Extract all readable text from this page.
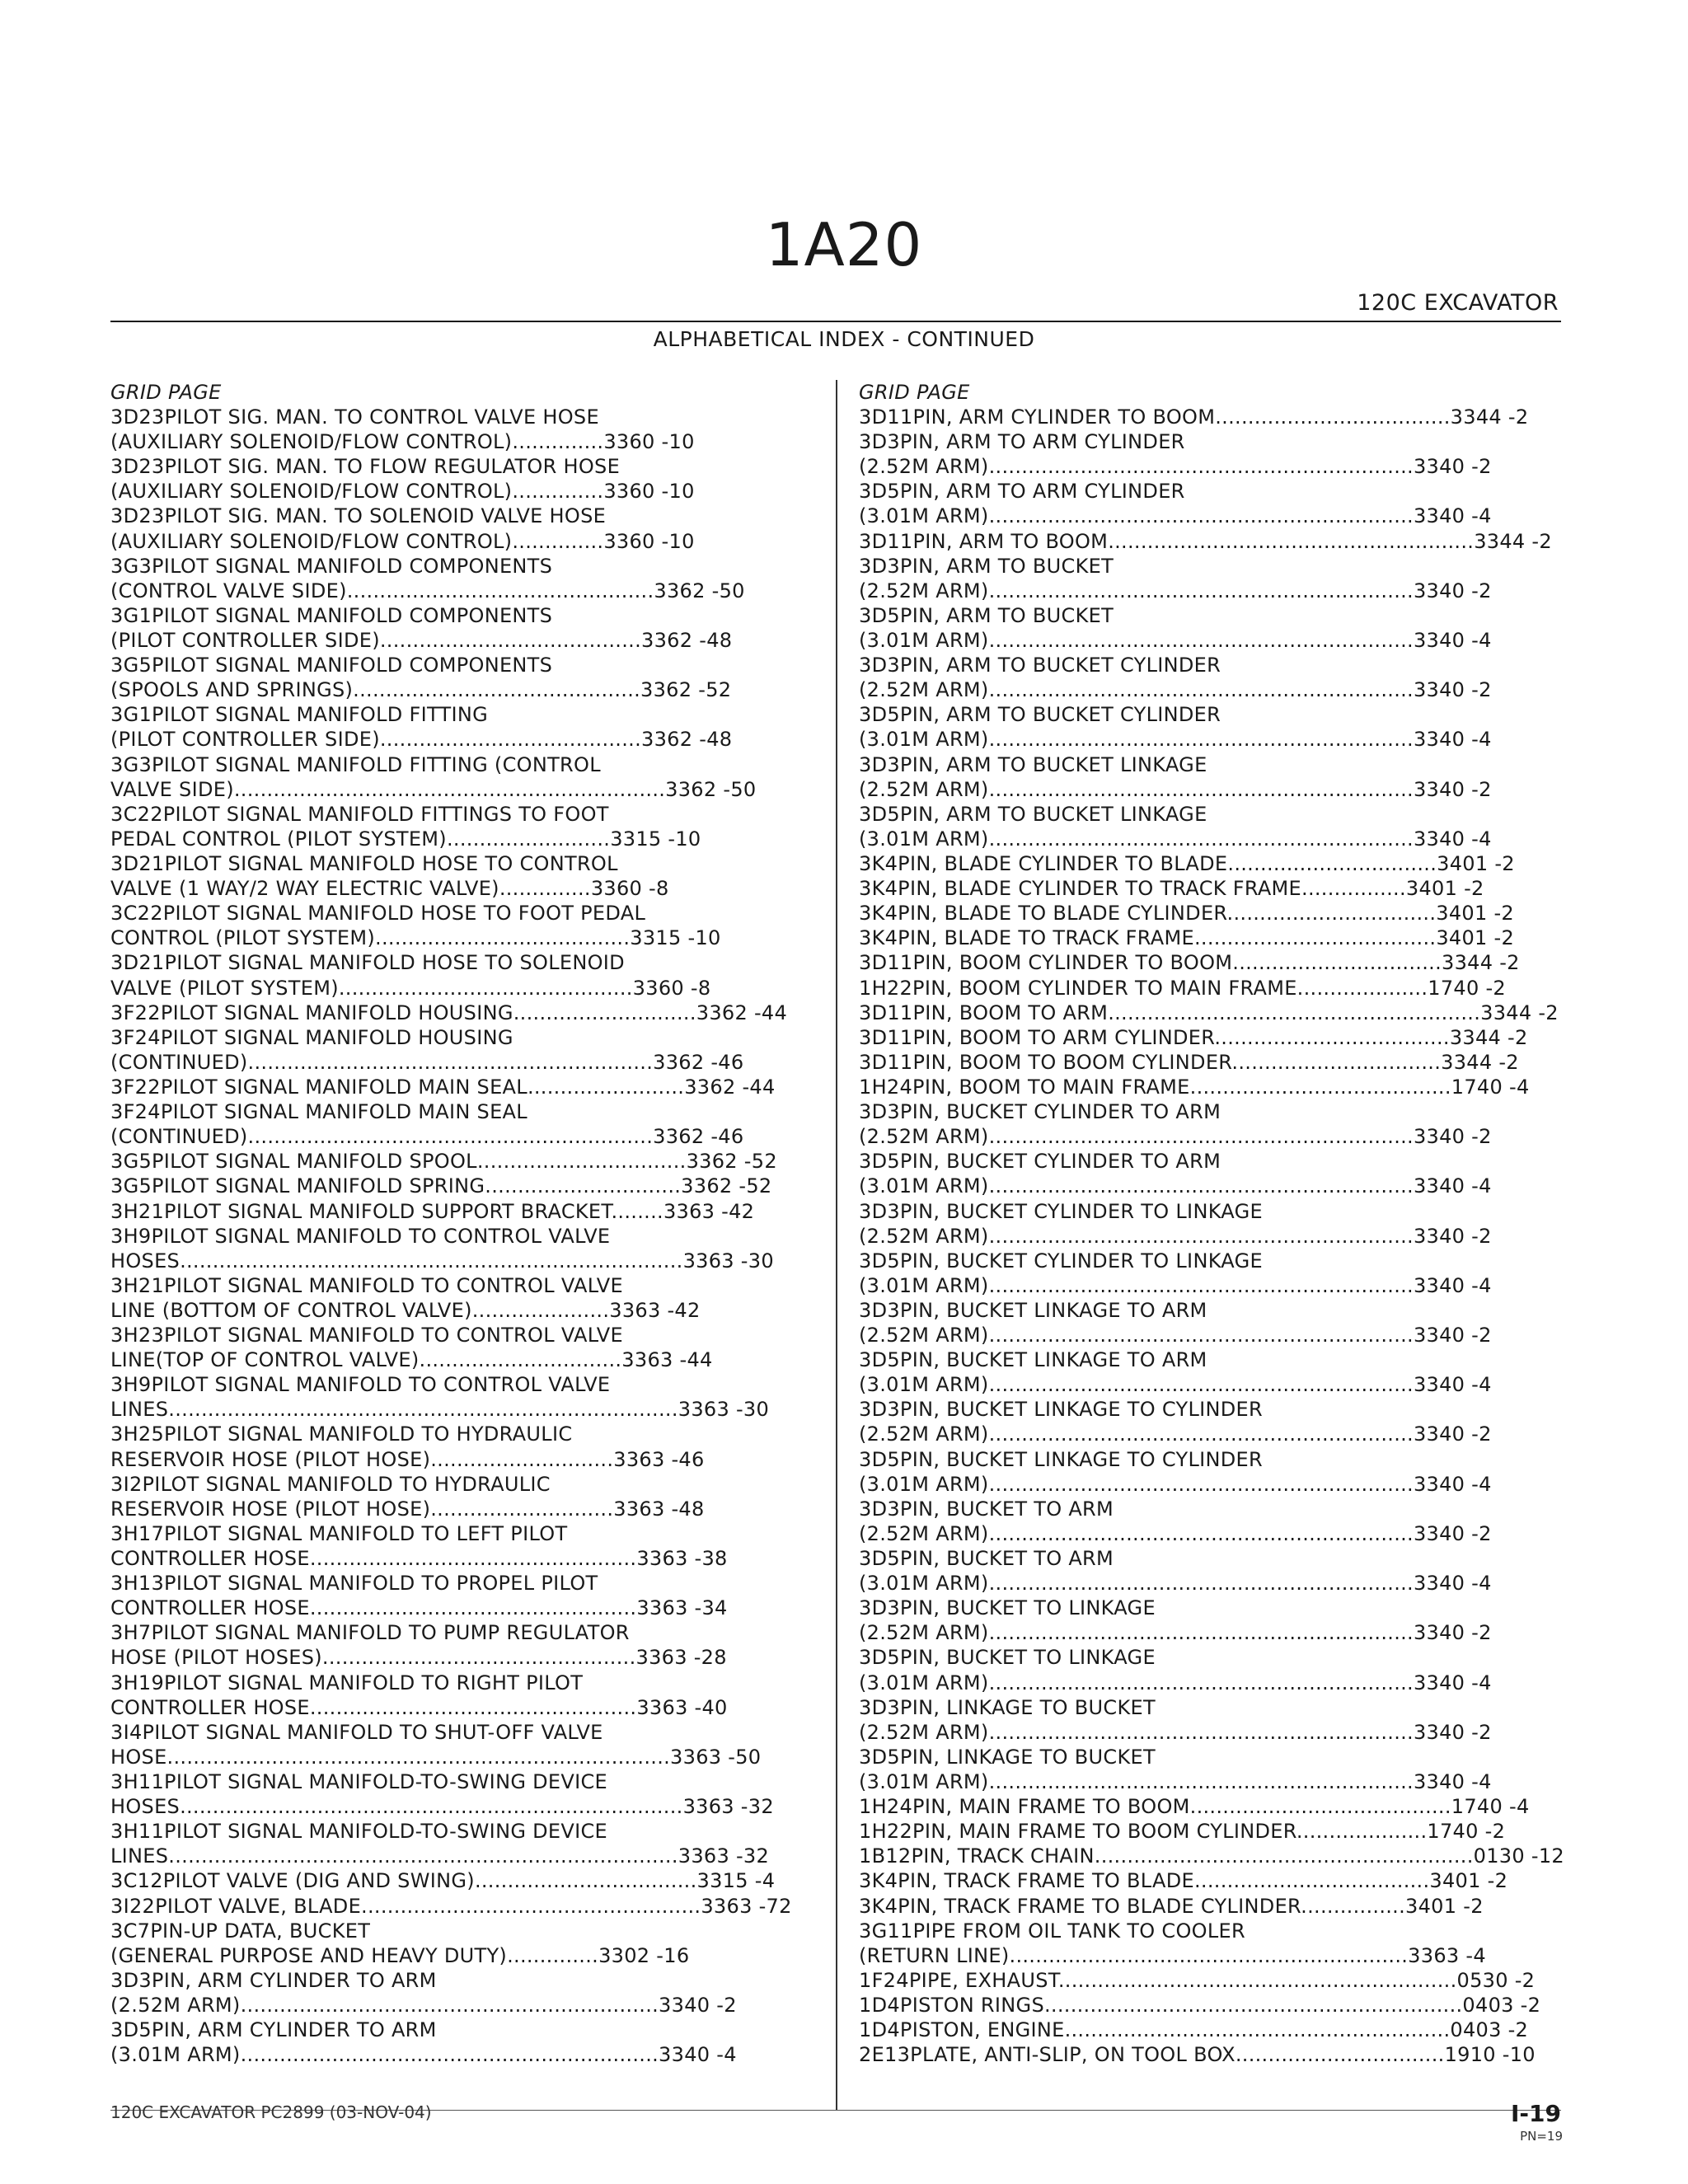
1A20
120C EXCAVATOR
ALPHABETICAL INDEX - CONTINUED
GRID PAGE
3D23PILOT SIG. MAN. TO CONTROL VALVE HOSE
(AUXILIARY SOLENOID/FLOW CONTROL)..............3360 -10
3D23PILOT SIG. MAN. TO FLOW REGULATOR HOSE
(AUXILIARY SOLENOID/FLOW CONTROL)..............3360 -10
3D23PILOT SIG. MAN. TO SOLENOID VALVE HOSE
(AUXILIARY SOLENOID/FLOW CONTROL)..............3360 -10
3G3PILOT SIGNAL MANIFOLD COMPONENTS
(CONTROL VALVE SIDE)...............................................3362 -50
3G1PILOT SIGNAL MANIFOLD COMPONENTS
(PILOT CONTROLLER SIDE)........................................3362 -48
3G5PILOT SIGNAL MANIFOLD COMPONENTS
(SPOOLS AND SPRINGS)............................................3362 -52
3G1PILOT SIGNAL MANIFOLD FITTING
(PILOT CONTROLLER SIDE)........................................3362 -48
3G3PILOT SIGNAL MANIFOLD FITTING (CONTROL
VALVE SIDE)..................................................................3362 -50
3C22PILOT SIGNAL MANIFOLD FITTINGS TO FOOT
PEDAL CONTROL (PILOT SYSTEM).........................3315 -10
3D21PILOT SIGNAL MANIFOLD HOSE TO CONTROL
VALVE (1 WAY/2 WAY ELECTRIC VALVE)..............3360 -8
3C22PILOT SIGNAL MANIFOLD HOSE TO FOOT PEDAL
CONTROL (PILOT SYSTEM).......................................3315 -10
3D21PILOT SIGNAL MANIFOLD HOSE TO SOLENOID
VALVE (PILOT SYSTEM).............................................3360 -8
3F22PILOT SIGNAL MANIFOLD HOUSING............................3362 -44
3F24PILOT SIGNAL MANIFOLD HOUSING
(CONTINUED)..............................................................3362 -46
3F22PILOT SIGNAL MANIFOLD MAIN SEAL........................3362 -44
3F24PILOT SIGNAL MANIFOLD MAIN SEAL
(CONTINUED)..............................................................3362 -46
3G5PILOT SIGNAL MANIFOLD SPOOL................................3362 -52
3G5PILOT SIGNAL MANIFOLD SPRING..............................3362 -52
3H21PILOT SIGNAL MANIFOLD SUPPORT BRACKET........3363 -42
3H9PILOT SIGNAL MANIFOLD TO CONTROL VALVE
HOSES.............................................................................3363 -30
3H21PILOT SIGNAL MANIFOLD TO CONTROL VALVE
LINE (BOTTOM OF CONTROL VALVE).....................3363 -42
3H23PILOT SIGNAL MANIFOLD TO CONTROL VALVE
LINE(TOP OF CONTROL VALVE)...............................3363 -44
3H9PILOT SIGNAL MANIFOLD TO CONTROL VALVE
LINES..............................................................................3363 -30
3H25PILOT SIGNAL MANIFOLD TO HYDRAULIC
RESERVOIR HOSE (PILOT HOSE)............................3363 -46
3I2PILOT SIGNAL MANIFOLD TO HYDRAULIC
RESERVOIR HOSE (PILOT HOSE)............................3363 -48
3H17PILOT SIGNAL MANIFOLD TO LEFT PILOT
CONTROLLER HOSE..................................................3363 -38
3H13PILOT SIGNAL MANIFOLD TO PROPEL PILOT
CONTROLLER HOSE..................................................3363 -34
3H7PILOT SIGNAL MANIFOLD TO PUMP REGULATOR
HOSE (PILOT HOSES)................................................3363 -28
3H19PILOT SIGNAL MANIFOLD TO RIGHT PILOT
CONTROLLER HOSE..................................................3363 -40
3I4PILOT SIGNAL MANIFOLD TO SHUT-OFF VALVE
HOSE.............................................................................3363 -50
3H11PILOT SIGNAL MANIFOLD-TO-SWING DEVICE
HOSES.............................................................................3363 -32
3H11PILOT SIGNAL MANIFOLD-TO-SWING DEVICE
LINES..............................................................................3363 -32
3C12PILOT VALVE (DIG AND SWING)..................................3315 -4
3I22PILOT VALVE, BLADE....................................................3363 -72
3C7PIN-UP DATA, BUCKET
(GENERAL PURPOSE AND HEAVY DUTY)..............3302 -16
3D3PIN, ARM CYLINDER TO ARM
(2.52M ARM)................................................................3340 -2
3D5PIN, ARM CYLINDER TO ARM
(3.01M ARM)................................................................3340 -4
GRID PAGE
3D11PIN, ARM CYLINDER TO BOOM....................................3344 -2
3D3PIN, ARM TO ARM CYLINDER
(2.52M ARM).................................................................3340 -2
3D5PIN, ARM TO ARM CYLINDER
(3.01M ARM).................................................................3340 -4
3D11PIN, ARM TO BOOM........................................................3344 -2
3D3PIN, ARM TO BUCKET
(2.52M ARM).................................................................3340 -2
3D5PIN, ARM TO BUCKET
(3.01M ARM).................................................................3340 -4
3D3PIN, ARM TO BUCKET CYLINDER
(2.52M ARM).................................................................3340 -2
3D5PIN, ARM TO BUCKET CYLINDER
(3.01M ARM).................................................................3340 -4
3D3PIN, ARM TO BUCKET LINKAGE
(2.52M ARM).................................................................3340 -2
3D5PIN, ARM TO BUCKET LINKAGE
(3.01M ARM).................................................................3340 -4
3K4PIN, BLADE CYLINDER TO BLADE................................3401 -2
3K4PIN, BLADE CYLINDER TO TRACK FRAME................3401 -2
3K4PIN, BLADE TO BLADE CYLINDER................................3401 -2
3K4PIN, BLADE TO TRACK FRAME.....................................3401 -2
3D11PIN, BOOM CYLINDER TO BOOM................................3344 -2
1H22PIN, BOOM CYLINDER TO MAIN FRAME....................1740 -2
3D11PIN, BOOM TO ARM.........................................................3344 -2
3D11PIN, BOOM TO ARM CYLINDER....................................3344 -2
3D11PIN, BOOM TO BOOM CYLINDER................................3344 -2
1H24PIN, BOOM TO MAIN FRAME........................................1740 -4
3D3PIN, BUCKET CYLINDER TO ARM
(2.52M ARM).................................................................3340 -2
3D5PIN, BUCKET CYLINDER TO ARM
(3.01M ARM).................................................................3340 -4
3D3PIN, BUCKET CYLINDER TO LINKAGE
(2.52M ARM).................................................................3340 -2
3D5PIN, BUCKET CYLINDER TO LINKAGE
(3.01M ARM).................................................................3340 -4
3D3PIN, BUCKET LINKAGE TO ARM
(2.52M ARM).................................................................3340 -2
3D5PIN, BUCKET LINKAGE TO ARM
(3.01M ARM).................................................................3340 -4
3D3PIN, BUCKET LINKAGE TO CYLINDER
(2.52M ARM).................................................................3340 -2
3D5PIN, BUCKET LINKAGE TO CYLINDER
(3.01M ARM).................................................................3340 -4
3D3PIN, BUCKET TO ARM
(2.52M ARM).................................................................3340 -2
3D5PIN, BUCKET TO ARM
(3.01M ARM).................................................................3340 -4
3D3PIN, BUCKET TO LINKAGE
(2.52M ARM).................................................................3340 -2
3D5PIN, BUCKET TO LINKAGE
(3.01M ARM).................................................................3340 -4
3D3PIN, LINKAGE TO BUCKET
(2.52M ARM).................................................................3340 -2
3D5PIN, LINKAGE TO BUCKET
(3.01M ARM).................................................................3340 -4
1H24PIN, MAIN FRAME TO BOOM........................................1740 -4
1H22PIN, MAIN FRAME TO BOOM CYLINDER....................1740 -2
1B12PIN, TRACK CHAIN..........................................................0130 -12
3K4PIN, TRACK FRAME TO BLADE....................................3401 -2
3K4PIN, TRACK FRAME TO BLADE CYLINDER................3401 -2
3G11PIPE FROM OIL TANK TO COOLER
(RETURN LINE).............................................................3363 -4
1F24PIPE, EXHAUST.............................................................0530 -2
1D4PISTON RINGS................................................................0403 -2
1D4PISTON, ENGINE...........................................................0403 -2
2E13PLATE, ANTI-SLIP, ON TOOL BOX................................1910 -10
120C EXCAVATOR PC2899 (03-NOV-04)	I-19
PN=19
